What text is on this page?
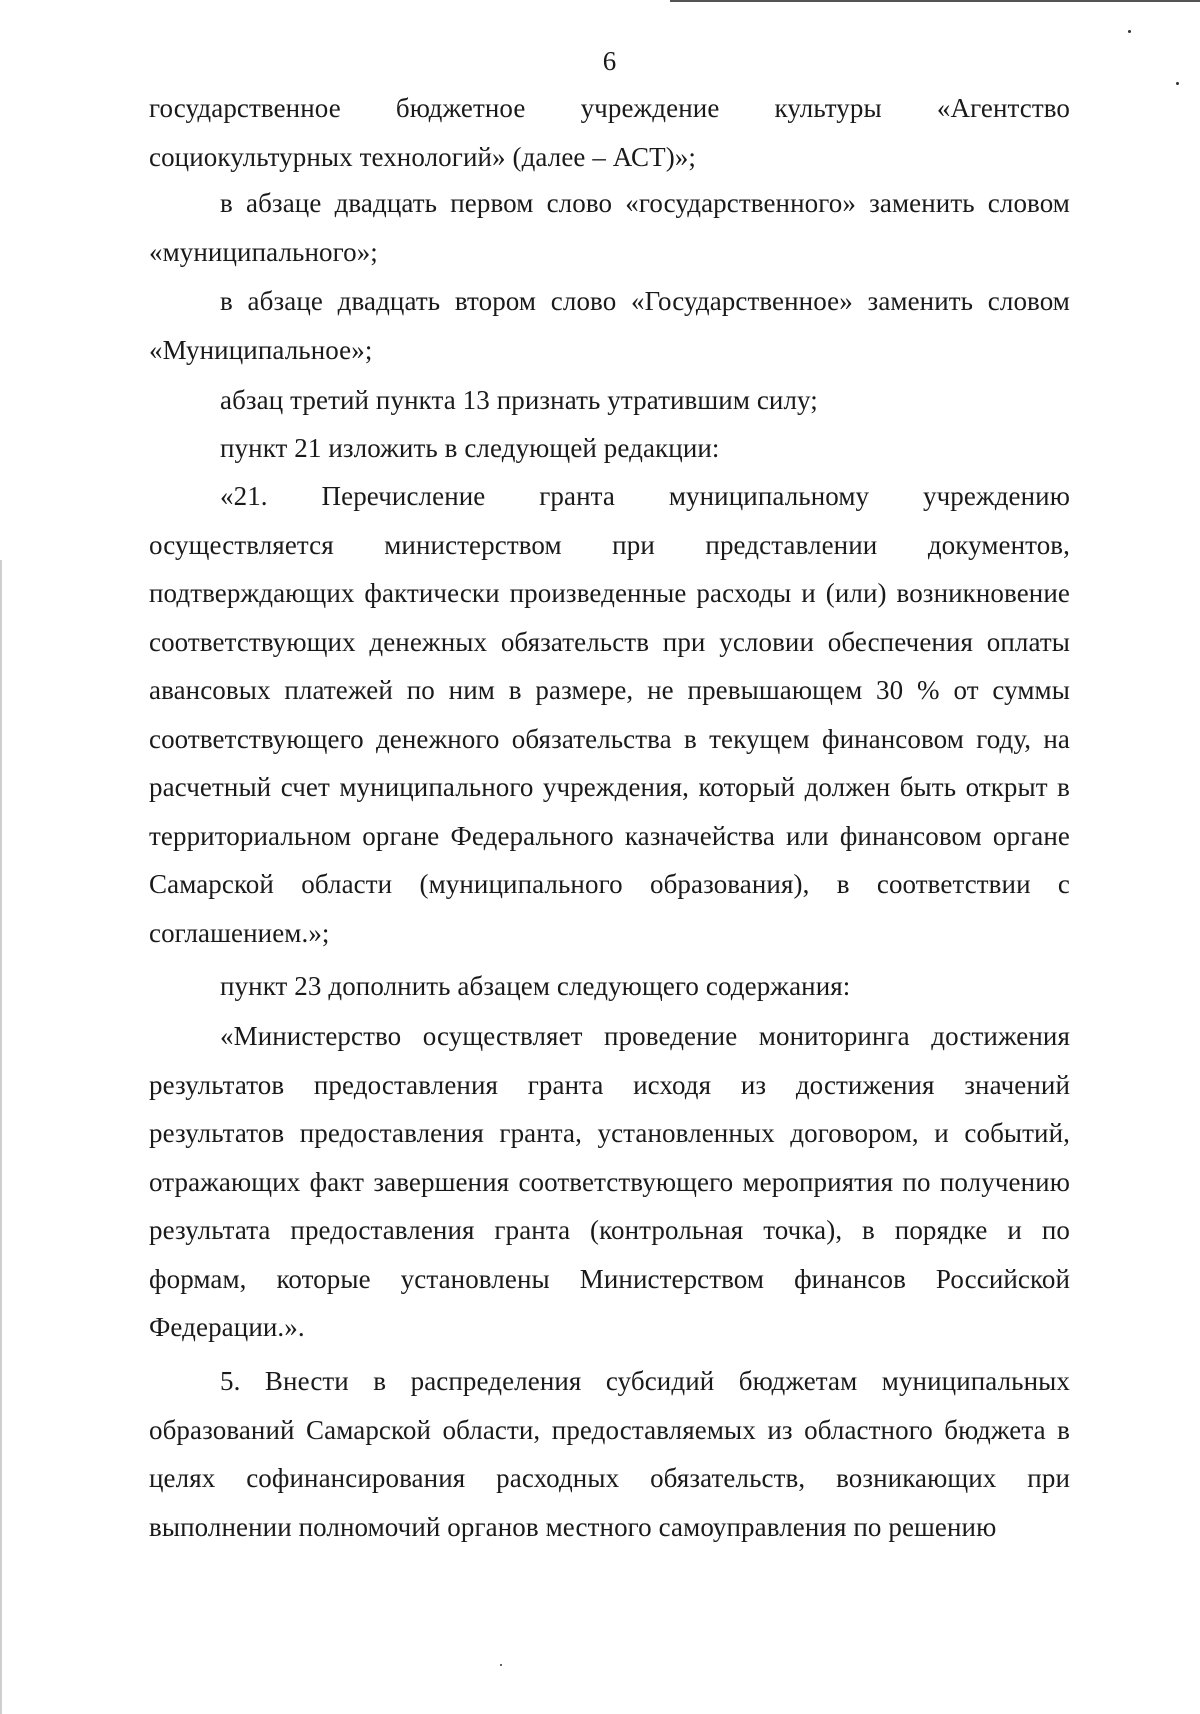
6
государственное бюджетное учреждение культуры «Агентство социокультурных технологий» (далее – АСТ)»;
в абзаце двадцать первом слово «государственного» заменить словом «муниципального»;
в абзаце двадцать втором слово «Государственное» заменить словом «Муниципальное»;
абзац третий пункта 13 признать утратившим силу;
пункт 21 изложить в следующей редакции:
«21. Перечисление гранта муниципальному учреждению осуществляется министерством при представлении документов, подтверждающих фактически произведенные расходы и (или) возникновение соответствующих денежных обязательств при условии обеспечения оплаты авансовых платежей по ним в размере, не превышающем 30 % от суммы соответствующего денежного обязательства в текущем финансовом году, на расчетный счет муниципального учреждения, который должен быть открыт в территориальном органе Федерального казначейства или финансовом органе Самарской области (муниципального образования), в соответствии с соглашением.»;
пункт 23 дополнить абзацем следующего содержания:
«Министерство осуществляет проведение мониторинга достижения результатов предоставления гранта исходя из достижения значений результатов предоставления гранта, установленных договором, и событий, отражающих факт завершения соответствующего мероприятия по получению результата предоставления гранта (контрольная точка), в порядке и по формам, которые установлены Министерством финансов Российской Федерации.».
5. Внести в распределения субсидий бюджетам муниципальных образований Самарской области, предоставляемых из областного бюджета в целях софинансирования расходных обязательств, возникающих при выполнении полномочий органов местного самоуправления по решению
